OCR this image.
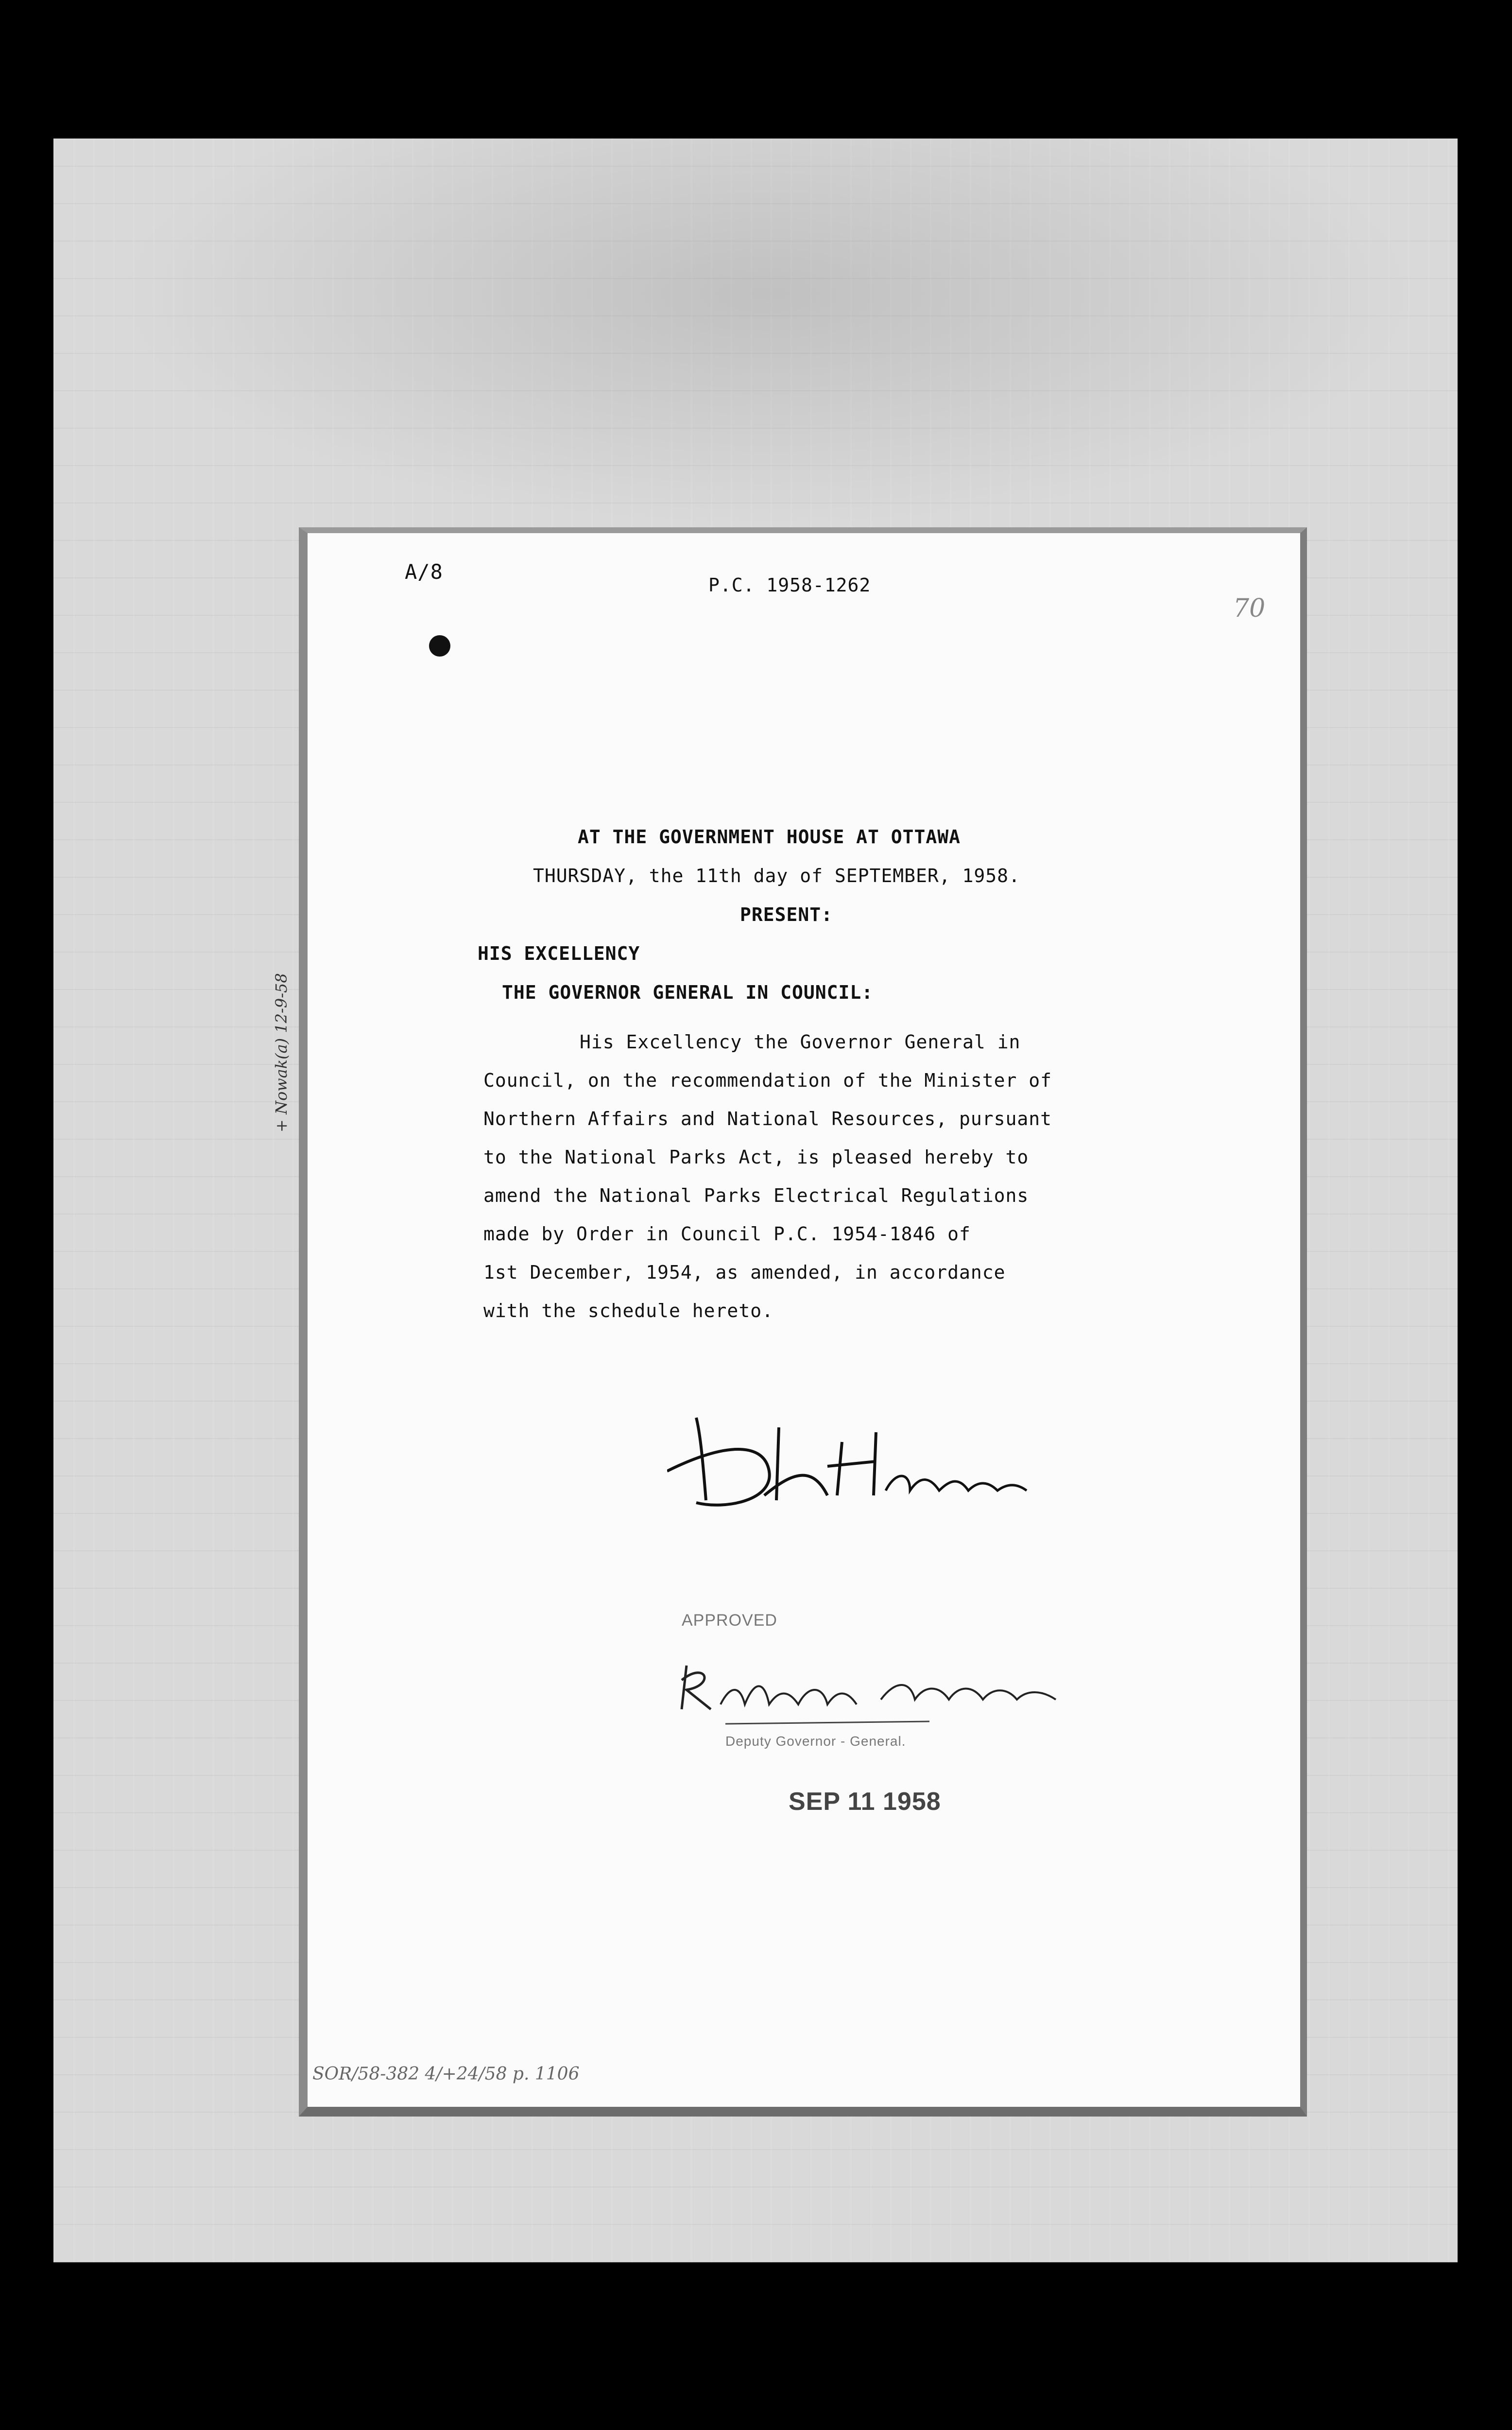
A/8
P.C. 1958-1262
70
AT THE GOVERNMENT HOUSE AT OTTAWA
THURSDAY, the 11th day of SEPTEMBER, 1958.
PRESENT:
HIS EXCELLENCY
THE GOVERNOR GENERAL IN COUNCIL:
His Excellency the Governor General in
Council, on the recommendation of the Minister of
Northern Affairs and National Resources, pursuant
to the National Parks Act, is pleased hereby to
amend the National Parks Electrical Regulations
made by Order in Council P.C. 1954-1846 of
1st December, 1954, as amended, in accordance
with the schedule hereto.
APPROVED
Deputy Governor - General.
SEP 11 1958
SOR/58-382 4/+24/58 p. 1106
+ Nowak(a) 12-9-58
